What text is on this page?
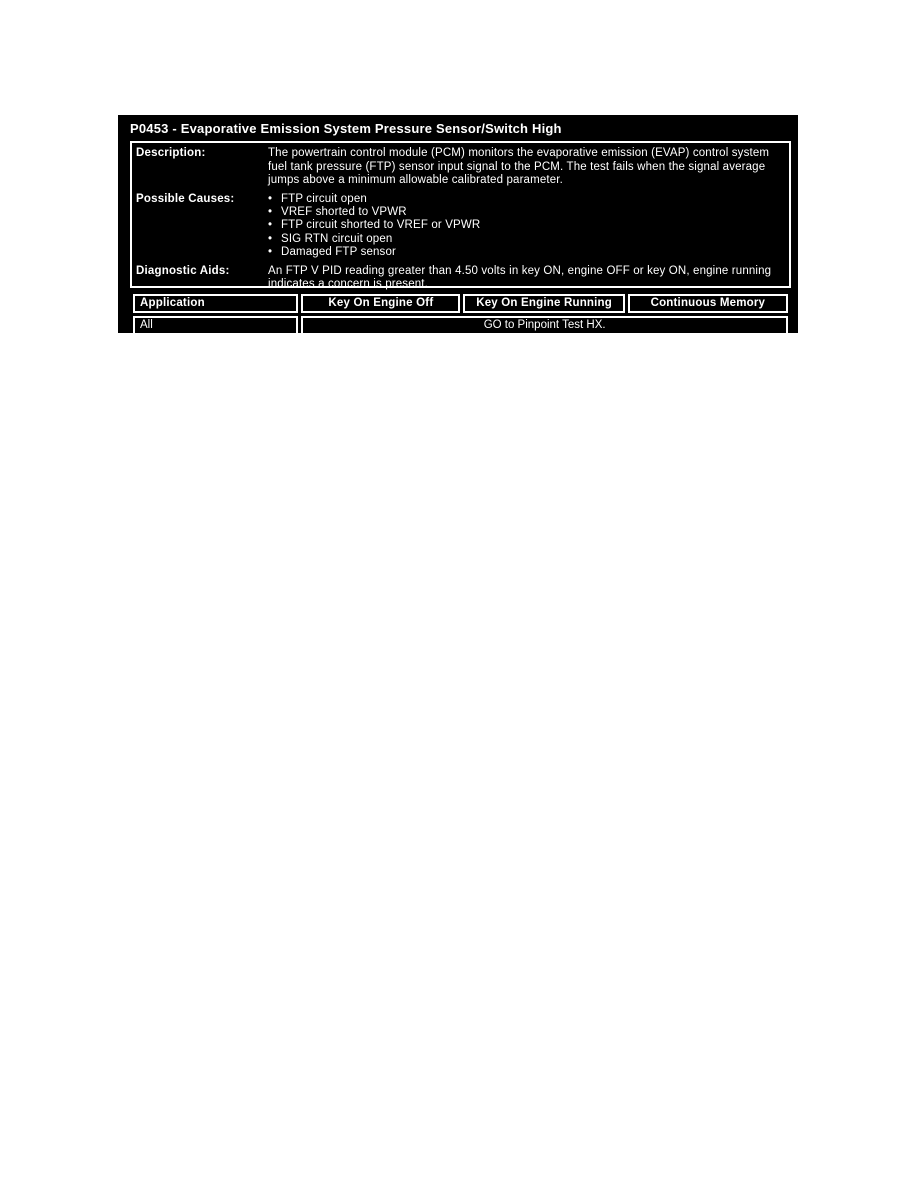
P0453 - Evaporative Emission System Pressure Sensor/Switch High
Description:	The powertrain control module (PCM) monitors the evaporative emission (EVAP) control system fuel tank pressure (FTP) sensor input signal to the PCM. The test fails when the signal average jumps above a minimum allowable calibrated parameter.
Possible Causes:	• FTP circuit open
• VREF shorted to VPWR
• FTP circuit shorted to VREF or VPWR
• SIG RTN circuit open
• Damaged FTP sensor
Diagnostic Aids:	An FTP V PID reading greater than 4.50 volts in key ON, engine OFF or key ON, engine running indicates a concern is present.
Application	Key On Engine Off	Key On Engine Running	Continuous Memory
All	GO to Pinpoint Test HX.		
